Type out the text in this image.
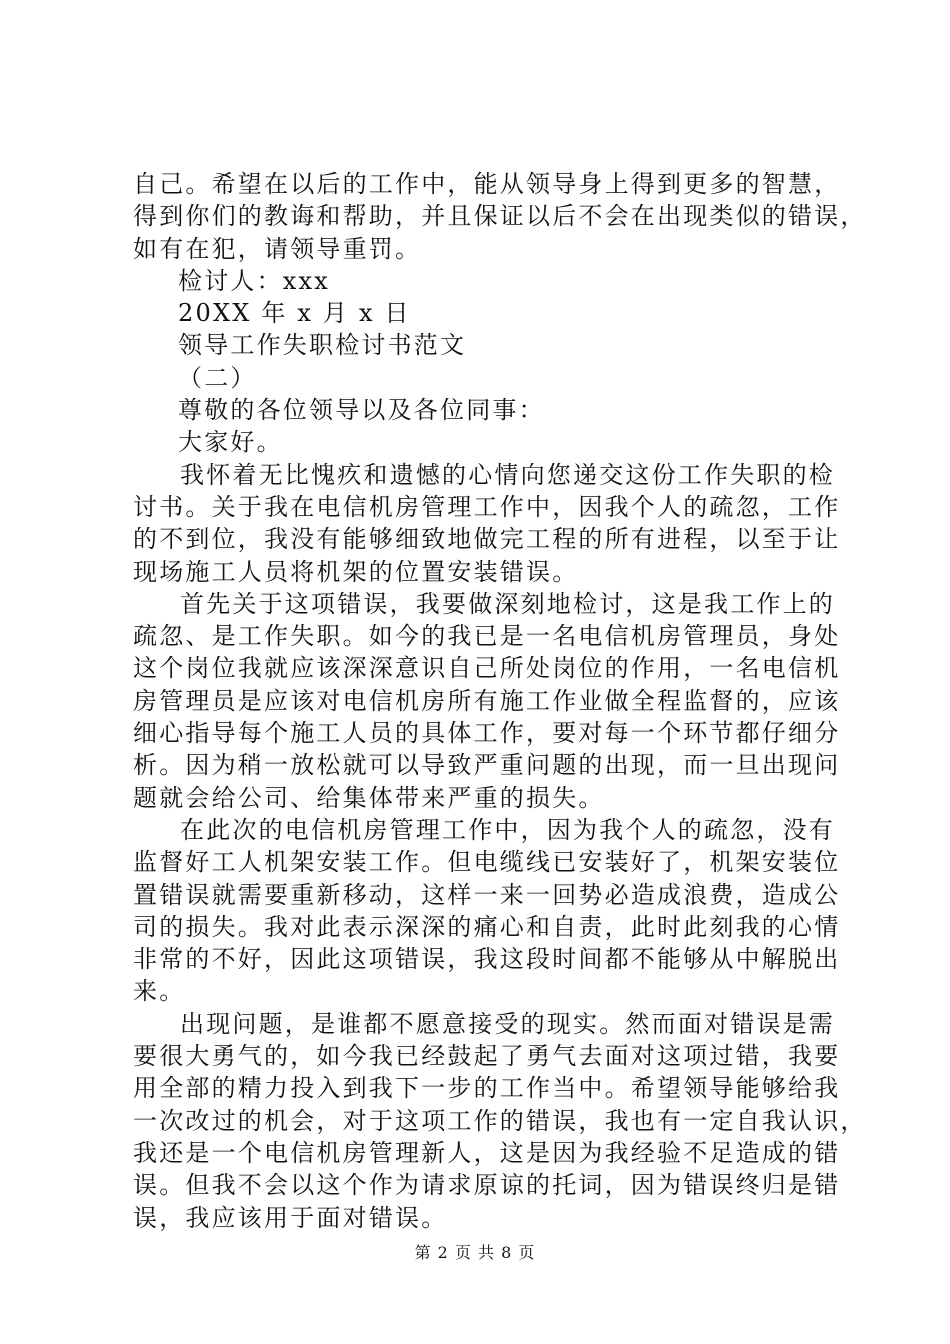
自己。希望在以后的工作中，能从领导身上得到更多的智慧，
得到你们的教诲和帮助，并且保证以后不会在出现类似的错误，
如有在犯，请领导重罚。
检讨人：xxx
20XX 年 x 月 x 日
领导工作失职检讨书范文
（二）
尊敬的各位领导以及各位同事：
大家好。
我怀着无比愧疚和遗憾的心情向您递交这份工作失职的检
讨书。关于我在电信机房管理工作中，因我个人的疏忽，工作
的不到位，我没有能够细致地做完工程的所有进程，以至于让
现场施工人员将机架的位置安装错误。
首先关于这项错误，我要做深刻地检讨，这是我工作上的
疏忽、是工作失职。如今的我已是一名电信机房管理员，身处
这个岗位我就应该深深意识自己所处岗位的作用，一名电信机
房管理员是应该对电信机房所有施工作业做全程监督的，应该
细心指导每个施工人员的具体工作，要对每一个环节都仔细分
析。因为稍一放松就可以导致严重问题的出现，而一旦出现问
题就会给公司、给集体带来严重的损失。
在此次的电信机房管理工作中，因为我个人的疏忽，没有
监督好工人机架安装工作。但电缆线已安装好了，机架安装位
置错误就需要重新移动，这样一来一回势必造成浪费，造成公
司的损失。我对此表示深深的痛心和自责，此时此刻我的心情
非常的不好，因此这项错误，我这段时间都不能够从中解脱出
来。
出现问题，是谁都不愿意接受的现实。然而面对错误是需
要很大勇气的，如今我已经鼓起了勇气去面对这项过错，我要
用全部的精力投入到我下一步的工作当中。希望领导能够给我
一次改过的机会，对于这项工作的错误，我也有一定自我认识，
我还是一个电信机房管理新人，这是因为我经验不足造成的错
误。但我不会以这个作为请求原谅的托词，因为错误终归是错
误，我应该用于面对错误。
第 2 页 共 8 页
